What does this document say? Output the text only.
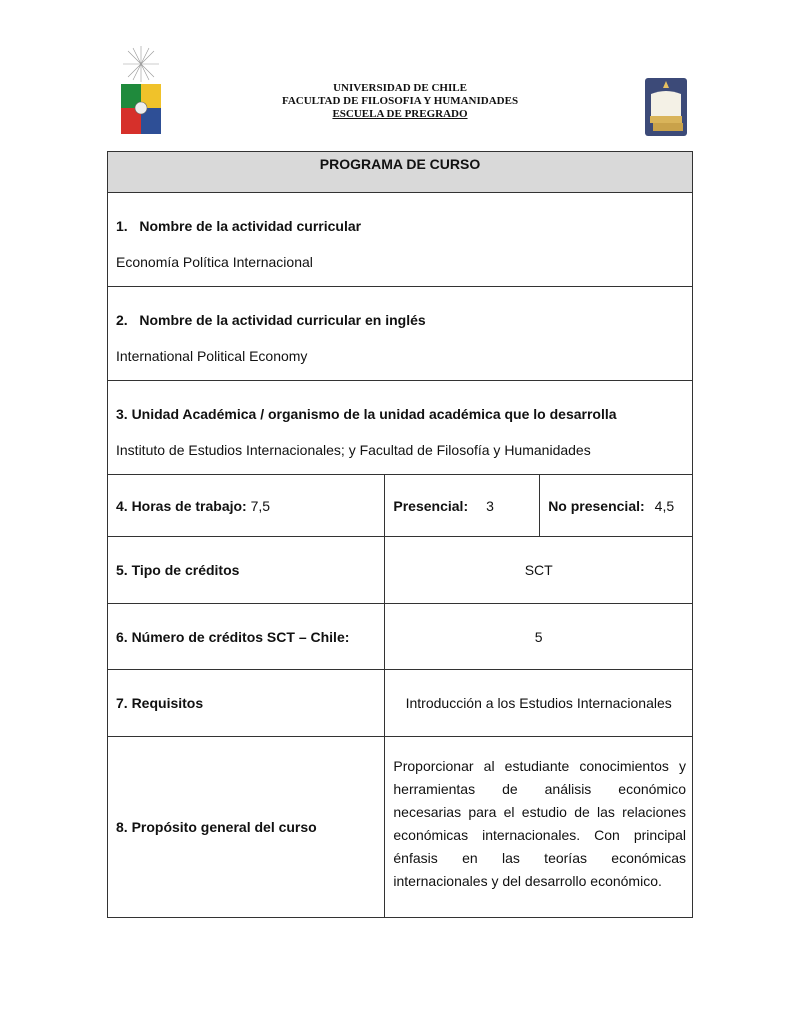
UNIVERSIDAD DE CHILE
FACULTAD DE FILOSOFIA Y HUMANIDADES
ESCUELA DE PREGRADO
PROGRAMA DE CURSO		

1.   Nombre de la actividad curricular
Economía Política Internacional		

2.   Nombre de la actividad curricular en inglés
International Political Economy		

3. Unidad Académica / organismo de la unidad académica que lo desarrolla
Instituto de Estudios Internacionales; y Facultad de Filosofía y Humanidades		

4. Horas de trabajo: 7,5	Presencial: 3	No presencial: 4,5
5. Tipo de créditos	SCT	
6. Número de créditos SCT – Chile:	5	
7. Requisitos	Introducción a los Estudios Internacionales	
8. Propósito general del curso	Proporcionar al estudiante conocimientos y herramientas de análisis económico necesarias para el estudio de las relaciones económicas internacionales. Con principal énfasis en las teorías económicas internacionales y del desarrollo económico.	
